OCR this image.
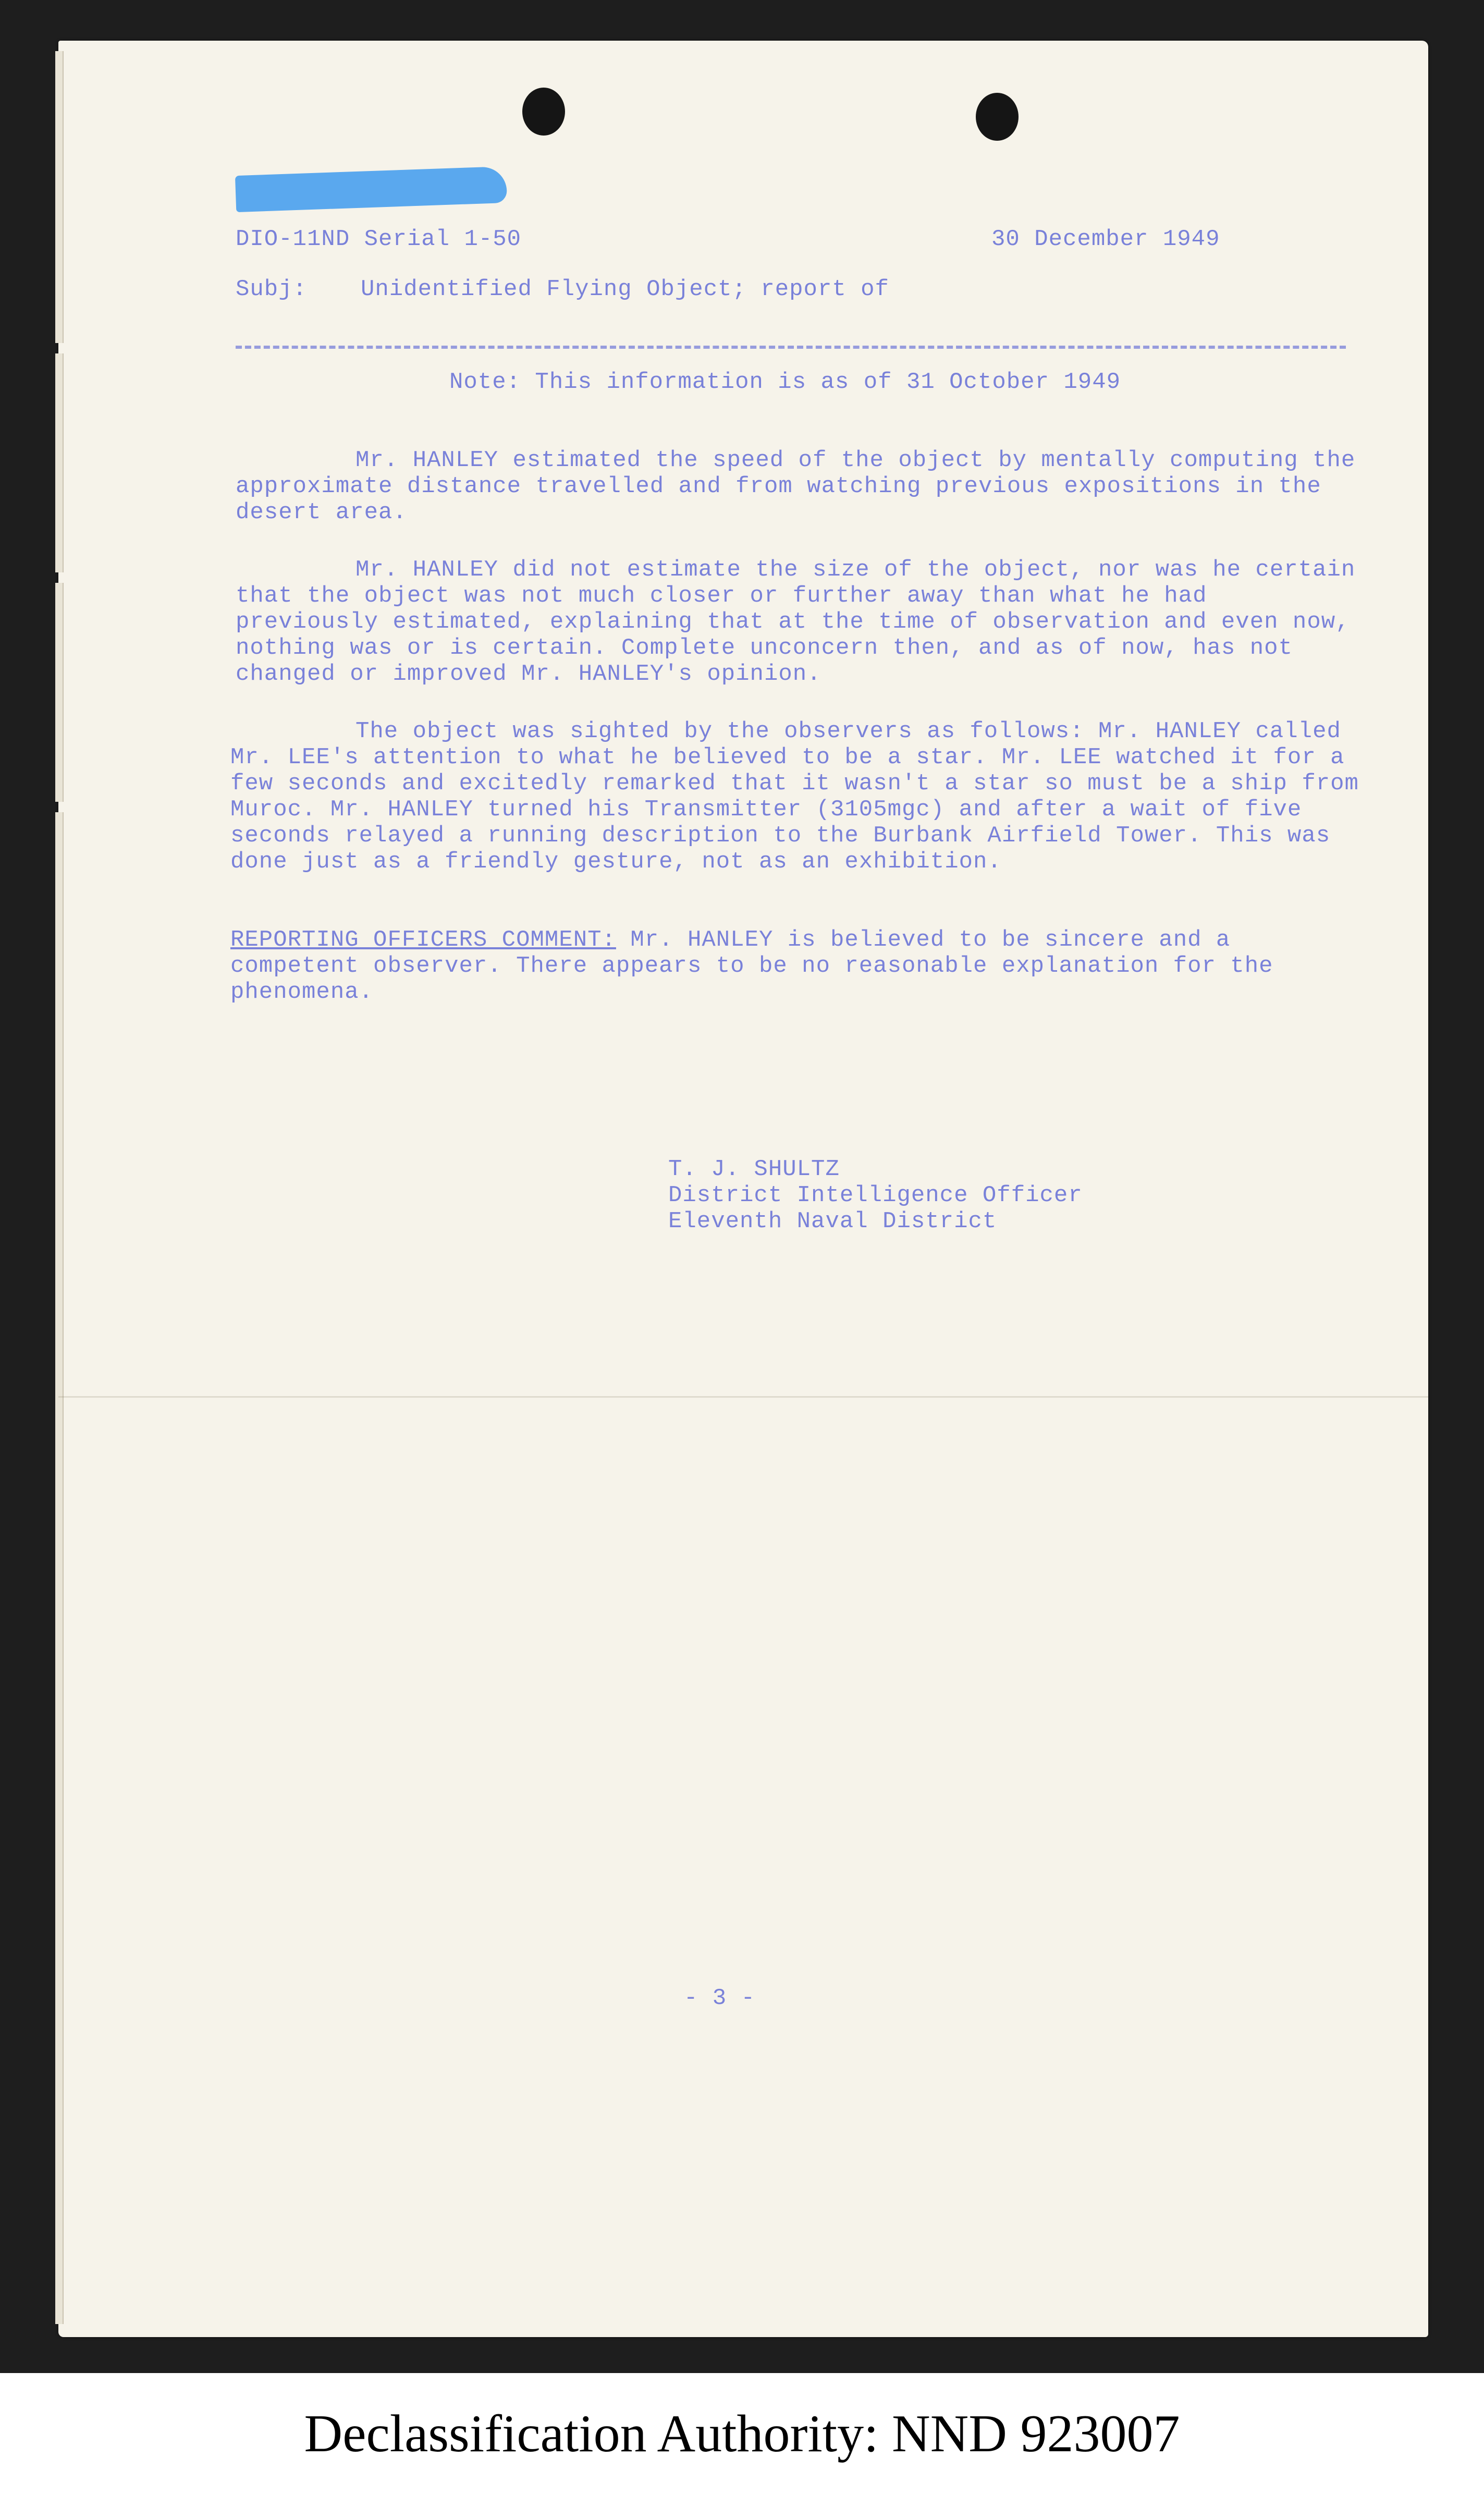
DIO-11ND Serial 1-50	30 December 1949
Subj: Unidentified Flying Object; report of
Note: This information is as of 31 October 1949
Mr. HANLEY estimated the speed of the object by mentally computing the approximate distance travelled and from watching previous expositions in the desert area.
Mr. HANLEY did not estimate the size of the object, nor was he certain that the object was not much closer or further away than what he had previously estimated, explaining that at the time of observation and even now, nothing was or is certain. Complete unconcern then, and as of now, has not changed or improved Mr. HANLEY's opinion.
The object was sighted by the observers as follows: Mr. HANLEY called Mr. LEE's attention to what he believed to be a star. Mr. LEE watched it for a few seconds and excitedly remarked that it wasn't a star so must be a ship from Muroc. Mr. HANLEY turned his Transmitter (3105mgc) and after a wait of five seconds relayed a running description to the Burbank Airfield Tower. This was done just as a friendly gesture, not as an exhibition.
REPORTING OFFICERS COMMENT: Mr. HANLEY is believed to be sincere and a competent observer. There appears to be no reasonable explanation for the phenomena.
T. J. SHULTZ
District Intelligence Officer
Eleventh Naval District
- 3 -
Declassification Authority: NND 923007
